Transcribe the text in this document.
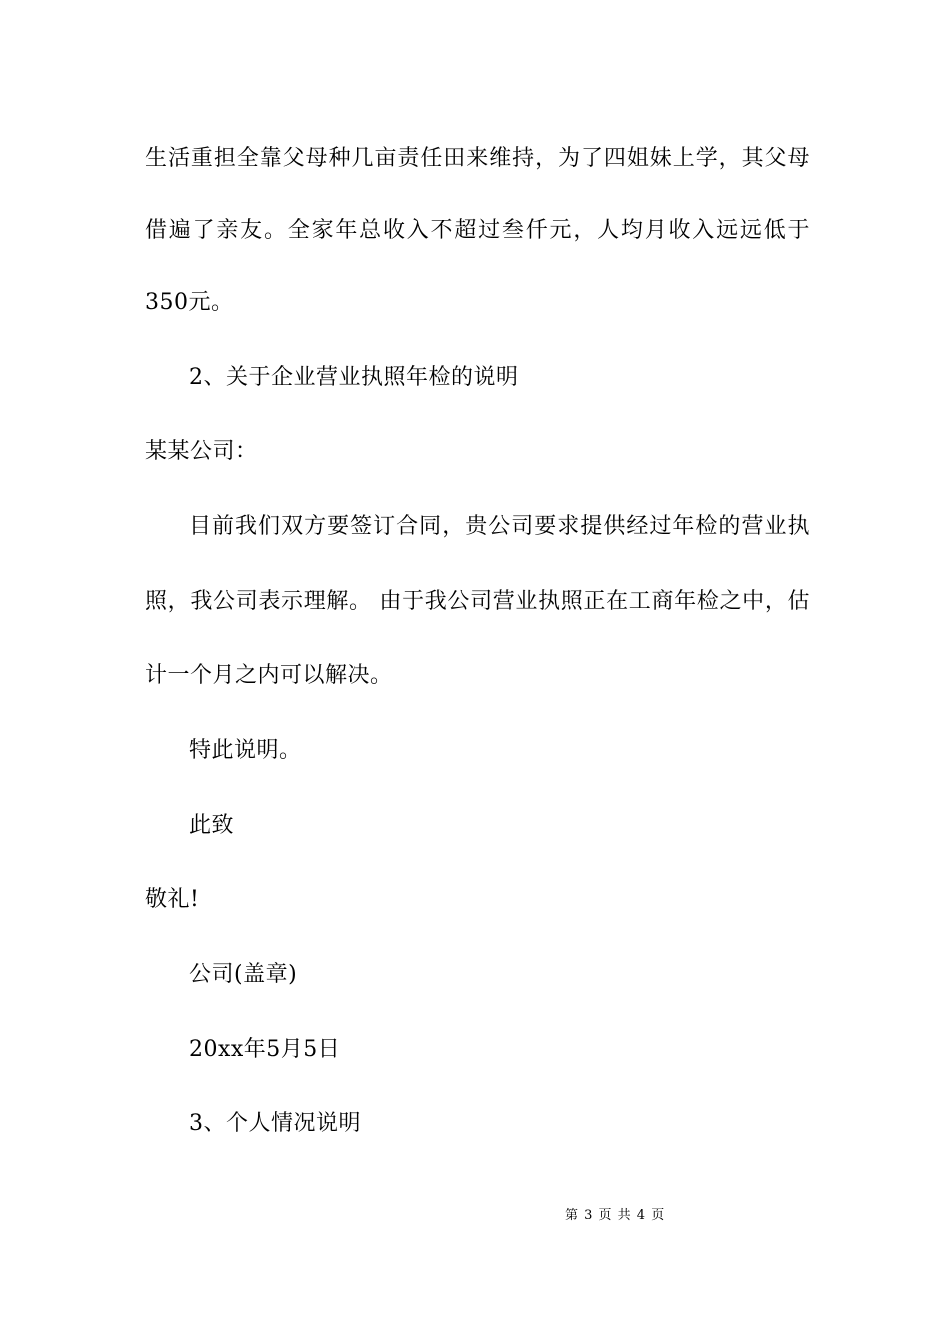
生活重担全靠父母种几亩责任田来维持，为了四姐妹上学，其父母
借遍了亲友。全家年总收入不超过叁仟元，人均月收入远远低于
350元。
2、关于企业营业执照年检的说明
某某公司：
目前我们双方要签订合同，贵公司要求提供经过年检的营业执
照，我公司表示理解。 由于我公司营业执照正在工商年检之中，估
计一个月之内可以解决。
特此说明。
此致
敬礼!
公司(盖章)
20xx年5月5日
3、个人情况说明
第 3 页 共 4 页
